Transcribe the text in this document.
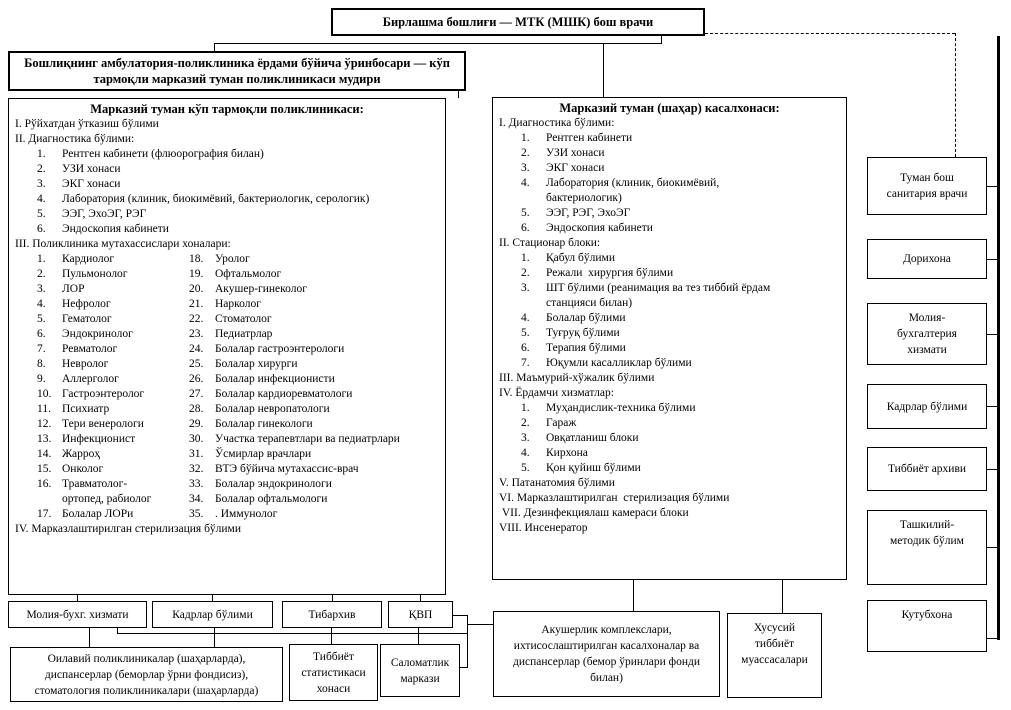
Бирлашма бошлиғи — МТК (МШК) бош врачи
Бошлиқнинг амбулатория-поликлиника ёрдами бўйича ўринбосари — кўп тармоқли марказий туман поликлиникаси мудири
Марказий туман кўп тармоқли поликлиникаси:
I. Рўйхатдан ўтказиш бўлими
II. Диагностика бўлими:
1.	Рентген кабинети (флюорография билан)
2.	УЗИ хонаси
3.	ЭКГ хонаси
4.	Лаборатория (клиник, биокимёвий, бактериологик, серологик)
5.	ЭЭГ, ЭхоЭГ, РЭГ
6.	Эндоскопия кабинети
III. Поликлиника мутахассислари хоналари:
1.	Кардиолог
2.	Пульмонолог
3.	ЛОР
4.	Нефролог
5.	Гематолог
6.	Эндокринолог
7.	Ревматолог
8.	Невролог
9.	Аллерголог
10. Гастроэнтеролог
11. Психиатр
12. Тери венерологи
13. Инфекционист
14. Жарроҳ
15. Онколог
16. Травматолог-ортопед, рабиолог
17. Болалар ЛОРи
18.	Уролог
19.	Офтальмолог
20.	Акушер-гинеколог
21.	Нарколог
22.	Стоматолог
23.	Педиатрлар
24.	Болалар гастроэнтерологи
25.	Болалар хирурги
26.	Болалар инфекционисти
27.	Болалар кардиоревматологи
28.	Болалар невропатологи
29.	Болалар гинекологи
30.	Участка терапевтлари ва педиатрлари
31.	Ўсмирлар врачлари
32.	ВТЭ бўйича мутахассис-врач
33.	Болалар эндокринологи
34.	Болалар офтальмологи
35.	. Иммунолог
IV. Марказлаштирилган стерилизация бўлими
Марказий туман (шаҳар) касалхонаси:
I. Диагностика бўлими:
1.	Рентген кабинети
2.	УЗИ хонаси
3.	ЭКГ хонаси
4.	Лаборатория (клиник, биокимёвий, бактериологик)
5.	ЭЭГ, РЭГ, ЭхоЭГ
6.	Эндоскопия кабинети
II. Стационар блоки:
1.	Қабул бўлими
2.	Режали  хирургия бўлими
3.	ШТ бўлими (реанимация ва тез тиббий ёрдам станцияси билан)
4.	Болалар бўлими
5.	Туғруқ бўлими
6.	Терапия бўлими
7.	Юқумли касалликлар бўлими
III. Маъмурий-хўжалик бўлими
IV. Ёрдамчи хизматлар:
1.	Муҳандислик-техника бўлими
2.	Гараж
3.	Овқатланиш блоки
4.	Кирхона
5.	Қон қуйиш бўлими
V. Патанатомия бўлими
VI. Марказлаштирилган  стерилизация бўлими
VII. Дезинфекциялаш камераси блоки
VIII. Инсенератор
Туман бош санитария врачи
Дорихона
Молия-бухгалтерия хизмати
Кадрлар бўлими
Тиббиёт архиви
Ташкилий-методик бўлим
Кутубхона
Молия-бухг. хизмати	Кадрлар бўлими	Тибархив	ҚВП
Оилавий поликлиникалар (шаҳарларда), диспансерлар (беморлар ўрни фондисиз), стоматология поликлиникалари (шаҳарларда)
Тиббиёт статистикаси хонаси
Саломатлик маркази
Акушерлик комплекслари, ихтисослаштирилган касалхоналар ва диспансерлар (бемор ўринлари фонди билан)
Хусусий тиббиёт муассасалари
